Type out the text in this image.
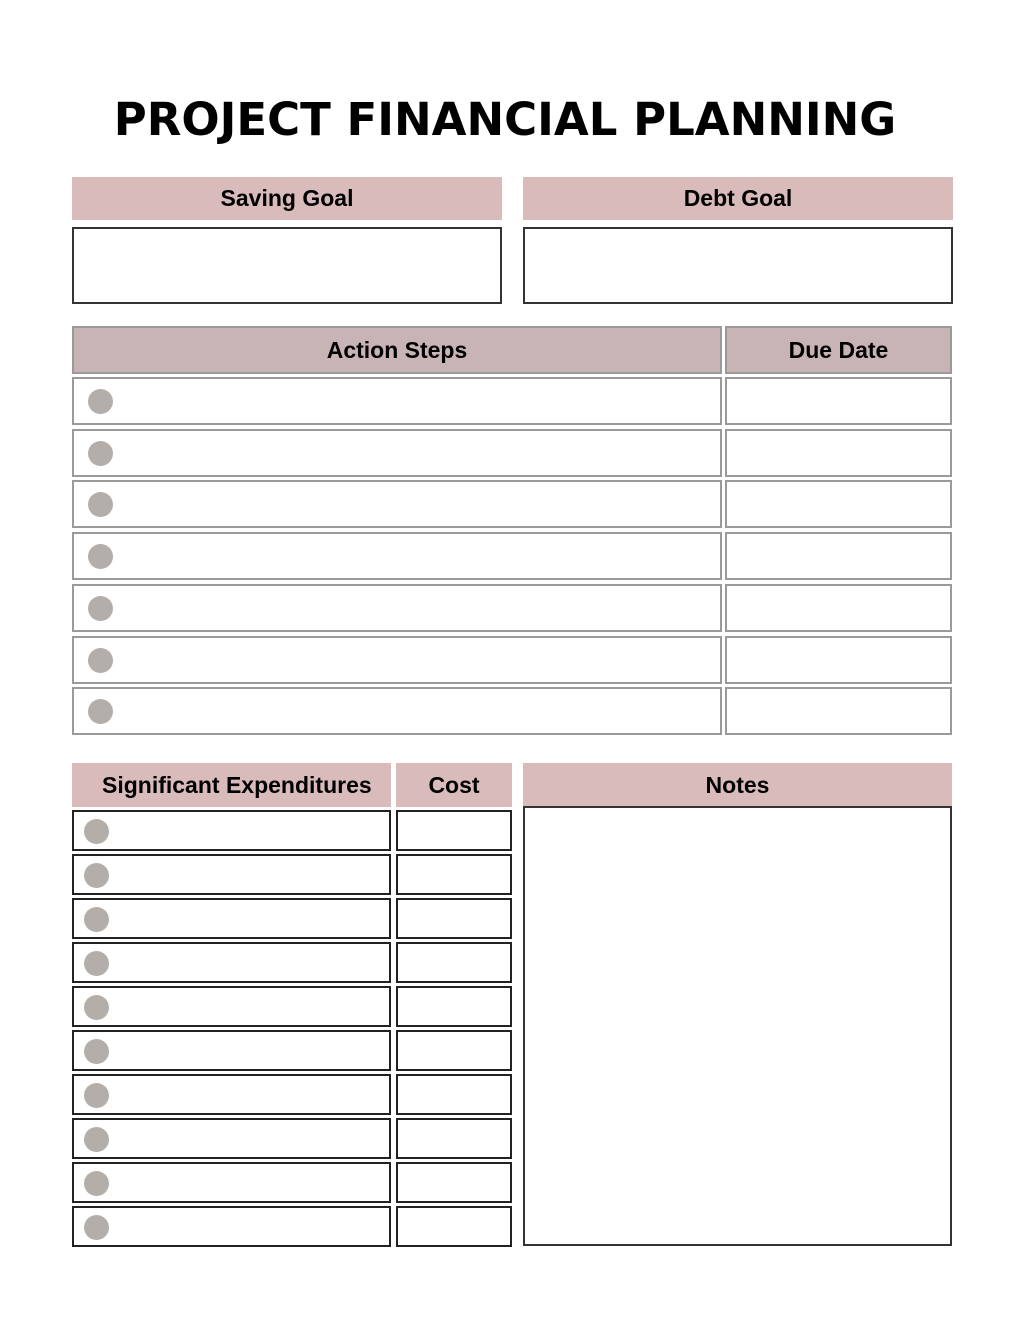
PROJECT FINANCIAL PLANNING
Saving Goal	Debt Goal
Action Steps	Due Date
Significant Expenditures	Cost	Notes
